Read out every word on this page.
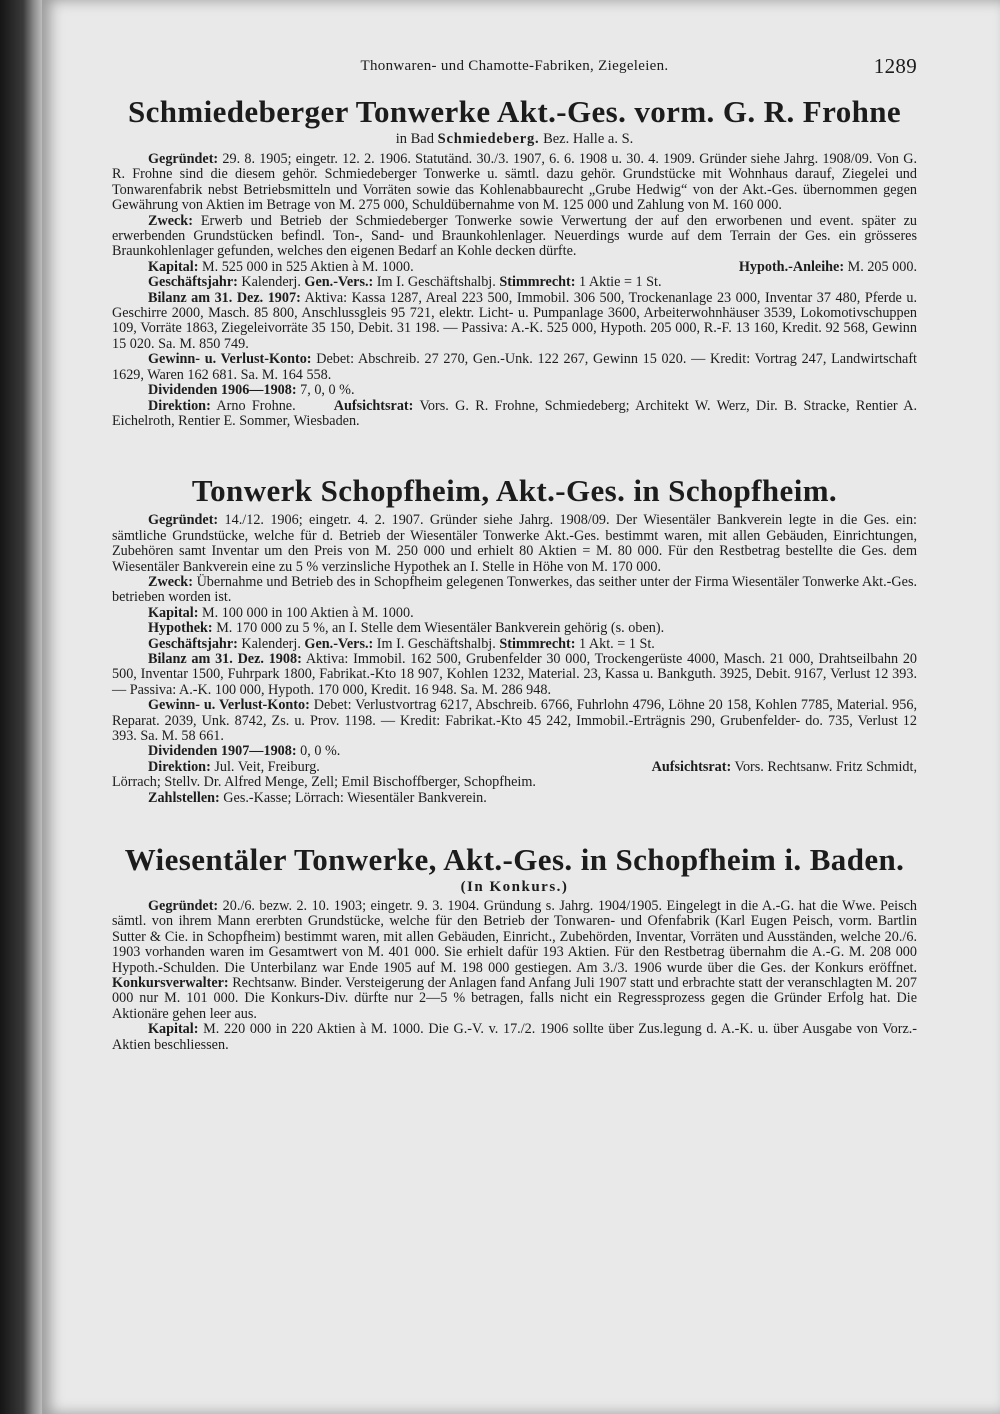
Thonwaren- und Chamotte-Fabriken, Ziegeleien.	1289
Schmiedeberger Tonwerke Akt.-Ges. vorm. G. R. Frohne

in Bad Schmiedeberg. Bez. Halle a. S.

Gegründet: 29. 8. 1905; eingetr. 12. 2. 1906. Statutänd. 30./3. 1907, 6. 6. 1908 u. 30. 4. 1909. Gründer siehe Jahrg. 1908/09. Von G. R. Frohne sind die diesem gehör. Schmiedeberger Tonwerke u. sämtl. dazu gehör. Grundstücke mit Wohnhaus darauf, Ziegelei und Tonwarenfabrik nebst Betriebsmitteln und Vorräten sowie das Kohlenabbaurecht „Grube Hedwig“ von der Akt.-Ges. übernommen gegen Gewährung von Aktien im Betrage von M. 275 000, Schuldübernahme von M. 125 000 und Zahlung von M. 160 000.

Zweck: Erwerb und Betrieb der Schmiedeberger Tonwerke sowie Verwertung der auf den erworbenen und event. später zu erwerbenden Grundstücken befindl. Ton-, Sand- und Braunkohlenlager. Neuerdings wurde auf dem Terrain der Ges. ein grösseres Braunkohlenlager gefunden, welches den eigenen Bedarf an Kohle decken dürfte.

Kapital: M. 525 000 in 525 Aktien à M. 1000.	Hypoth.-Anleihe: M. 205 000.

Geschäftsjahr: Kalenderj. Gen.-Vers.: Im I. Geschäftshalbj. Stimmrecht: 1 Aktie = 1 St.

Bilanz am 31. Dez. 1907: Aktiva: Kassa 1287, Areal 223 500, Immobil. 306 500, Trockenanlage 23 000, Inventar 37 480, Pferde u. Geschirre 2000, Masch. 85 800, Anschlussgleis 95 721, elektr. Licht- u. Pumpanlage 3600, Arbeiterwohnhäuser 3539, Lokomotivschuppen 109, Vorräte 1863, Ziegeleivorräte 35 150, Debit. 31 198. — Passiva: A.-K. 525 000, Hypoth. 205 000, R.-F. 13 160, Kredit. 92 568, Gewinn 15 020. Sa. M. 850 749.

Gewinn- u. Verlust-Konto: Debet: Abschreib. 27 270, Gen.-Unk. 122 267, Gewinn 15 020. — Kredit: Vortrag 247, Landwirtschaft 1629, Waren 162 681. Sa. M. 164 558.

Dividenden 1906—1908: 7, 0, 0 %.

Direktion: Arno Frohne.	Aufsichtsrat: Vors. G. R. Frohne, Schmiedeberg; Architekt W. Werz, Dir. B. Stracke, Rentier A. Eichelroth, Rentier E. Sommer, Wiesbaden.

Tonwerk Schopfheim, Akt.-Ges. in Schopfheim.

Gegründet: 14./12. 1906; eingetr. 4. 2. 1907. Gründer siehe Jahrg. 1908/09. Der Wiesentäler Bankverein legte in die Ges. ein: sämtliche Grundstücke, welche für d. Betrieb der Wiesentäler Tonwerke Akt.-Ges. bestimmt waren, mit allen Gebäuden, Einrichtungen, Zubehören samt Inventar um den Preis von M. 250 000 und erhielt 80 Aktien = M. 80 000. Für den Restbetrag bestellte die Ges. dem Wiesentäler Bankverein eine zu 5 % verzinsliche Hypothek an I. Stelle in Höhe von M. 170 000.

Zweck: Übernahme und Betrieb des in Schopfheim gelegenen Tonwerkes, das seither unter der Firma Wiesentäler Tonwerke Akt.-Ges. betrieben worden ist.

Kapital: M. 100 000 in 100 Aktien à M. 1000.

Hypothek: M. 170 000 zu 5 %, an I. Stelle dem Wiesentäler Bankverein gehörig (s. oben).

Geschäftsjahr: Kalenderj. Gen.-Vers.: Im I. Geschäftshalbj. Stimmrecht: 1 Akt. = 1 St.

Bilanz am 31. Dez. 1908: Aktiva: Immobil. 162 500, Grubenfelder 30 000, Trockengerüste 4000, Masch. 21 000, Drahtseilbahn 20 500, Inventar 1500, Fuhrpark 1800, Fabrikat.-Kto 18 907, Kohlen 1232, Material. 23, Kassa u. Bankguth. 3925, Debit. 9167, Verlust 12 393. — Passiva: A.-K. 100 000, Hypoth. 170 000, Kredit. 16 948. Sa. M. 286 948.

Gewinn- u. Verlust-Konto: Debet: Verlustvortrag 6217, Abschreib. 6766, Fuhrlohn 4796, Löhne 20 158, Kohlen 7785, Material. 956, Reparat. 2039, Unk. 8742, Zs. u. Prov. 1198. — Kredit: Fabrikat.-Kto 45 242, Immobil.-Erträgnis 290, Grubenfelder- do. 735, Verlust 12 393. Sa. M. 58 661.

Dividenden 1907—1908: 0, 0 %.

Direktion: Jul. Veit, Freiburg.	Aufsichtsrat: Vors. Rechtsanw. Fritz Schmidt,

Lörrach; Stellv. Dr. Alfred Menge, Zell; Emil Bischoffberger, Schopfheim.

Zahlstellen: Ges.-Kasse; Lörrach: Wiesentäler Bankverein.

Wiesentäler Tonwerke, Akt.-Ges. in Schopfheim i. Baden.

(In Konkurs.)

Gegründet: 20./6. bezw. 2. 10. 1903; eingetr. 9. 3. 1904. Gründung s. Jahrg. 1904/1905. Eingelegt in die A.-G. hat die Wwe. Peisch sämtl. von ihrem Mann ererbten Grundstücke, welche für den Betrieb der Tonwaren- und Ofenfabrik (Karl Eugen Peisch, vorm. Bartlin Sutter & Cie. in Schopfheim) bestimmt waren, mit allen Gebäuden, Einricht., Zubehörden, Inventar, Vorräten und Ausständen, welche 20./6. 1903 vorhanden waren im Gesamtwert von M. 401 000. Sie erhielt dafür 193 Aktien. Für den Restbetrag übernahm die A.-G. M. 208 000 Hypoth.-Schulden. Die Unterbilanz war Ende 1905 auf M. 198 000 gestiegen. Am 3./3. 1906 wurde über die Ges. der Konkurs eröffnet. Konkursverwalter: Rechtsanw. Binder. Versteigerung der Anlagen fand Anfang Juli 1907 statt und erbrachte statt der veranschlagten M. 207 000 nur M. 101 000. Die Konkurs-Div. dürfte nur 2—5 % betragen, falls nicht ein Regressprozess gegen die Gründer Erfolg hat. Die Aktionäre gehen leer aus.

Kapital: M. 220 000 in 220 Aktien à M. 1000. Die G.-V. v. 17./2. 1906 sollte über Zus.legung d. A.-K. u. über Ausgabe von Vorz.-Aktien beschliessen.
